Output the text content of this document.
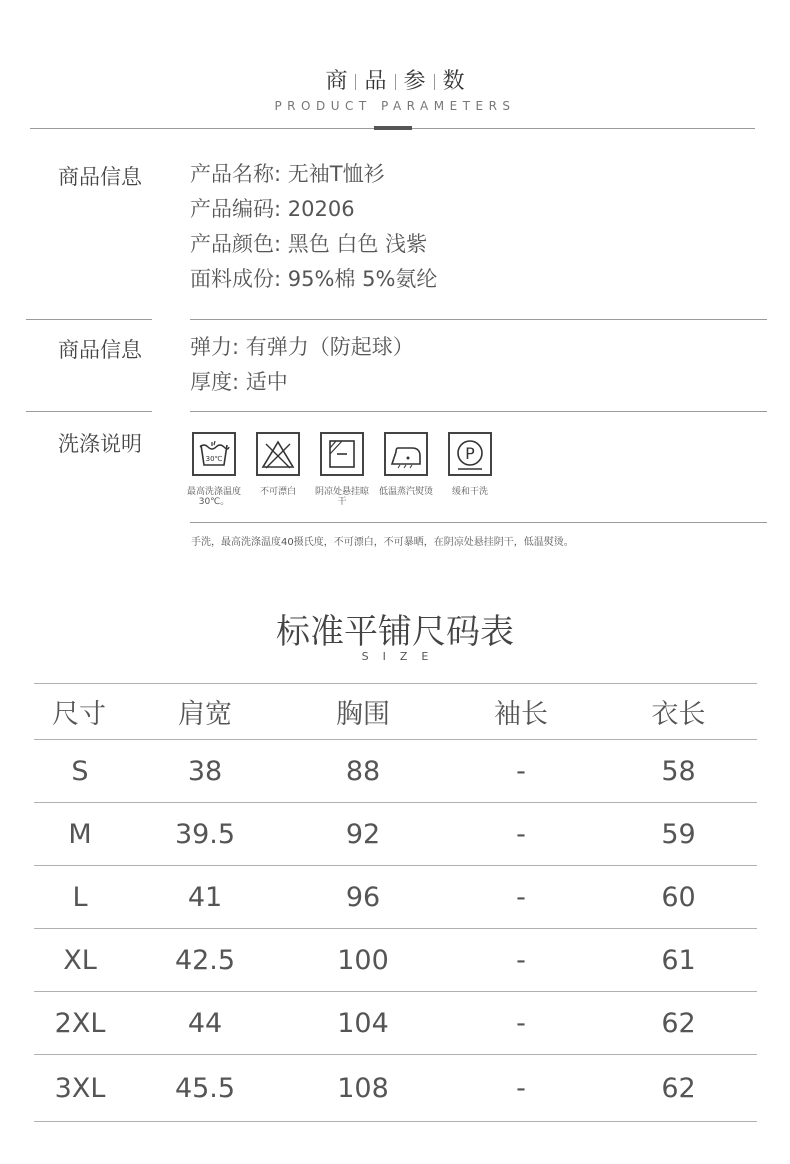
商 品 参 数
PRODUCT PARAMETERS
商品信息 产品名称: 无袖T恤衫
产品编码: 20206
产品颜色: 黑色 白色 浅紫
面料成份: 95%棉 5%氨纶
商品信息 弹力: 有弹力（防起球）
厚度: 适中
洗涤说明
30℃
最高洗涤温度30℃。
不可漂白	阴凉处悬挂晾干
低温蒸汽熨烫
P
缓和干洗
手洗，最高洗涤温度40摄氏度，不可漂白，不可暴晒，在阴凉处悬挂阴干，低温熨烫。
标准平铺尺码表
SIZE
尺寸	肩宽	胸围	袖长	衣长
S	38	88	-	58
M	39.5	92	-	59
L	41	96	-	60
XL	42.5	100	-	61
2XL	44	104	-	62
3XL	45.5	108	-	62
